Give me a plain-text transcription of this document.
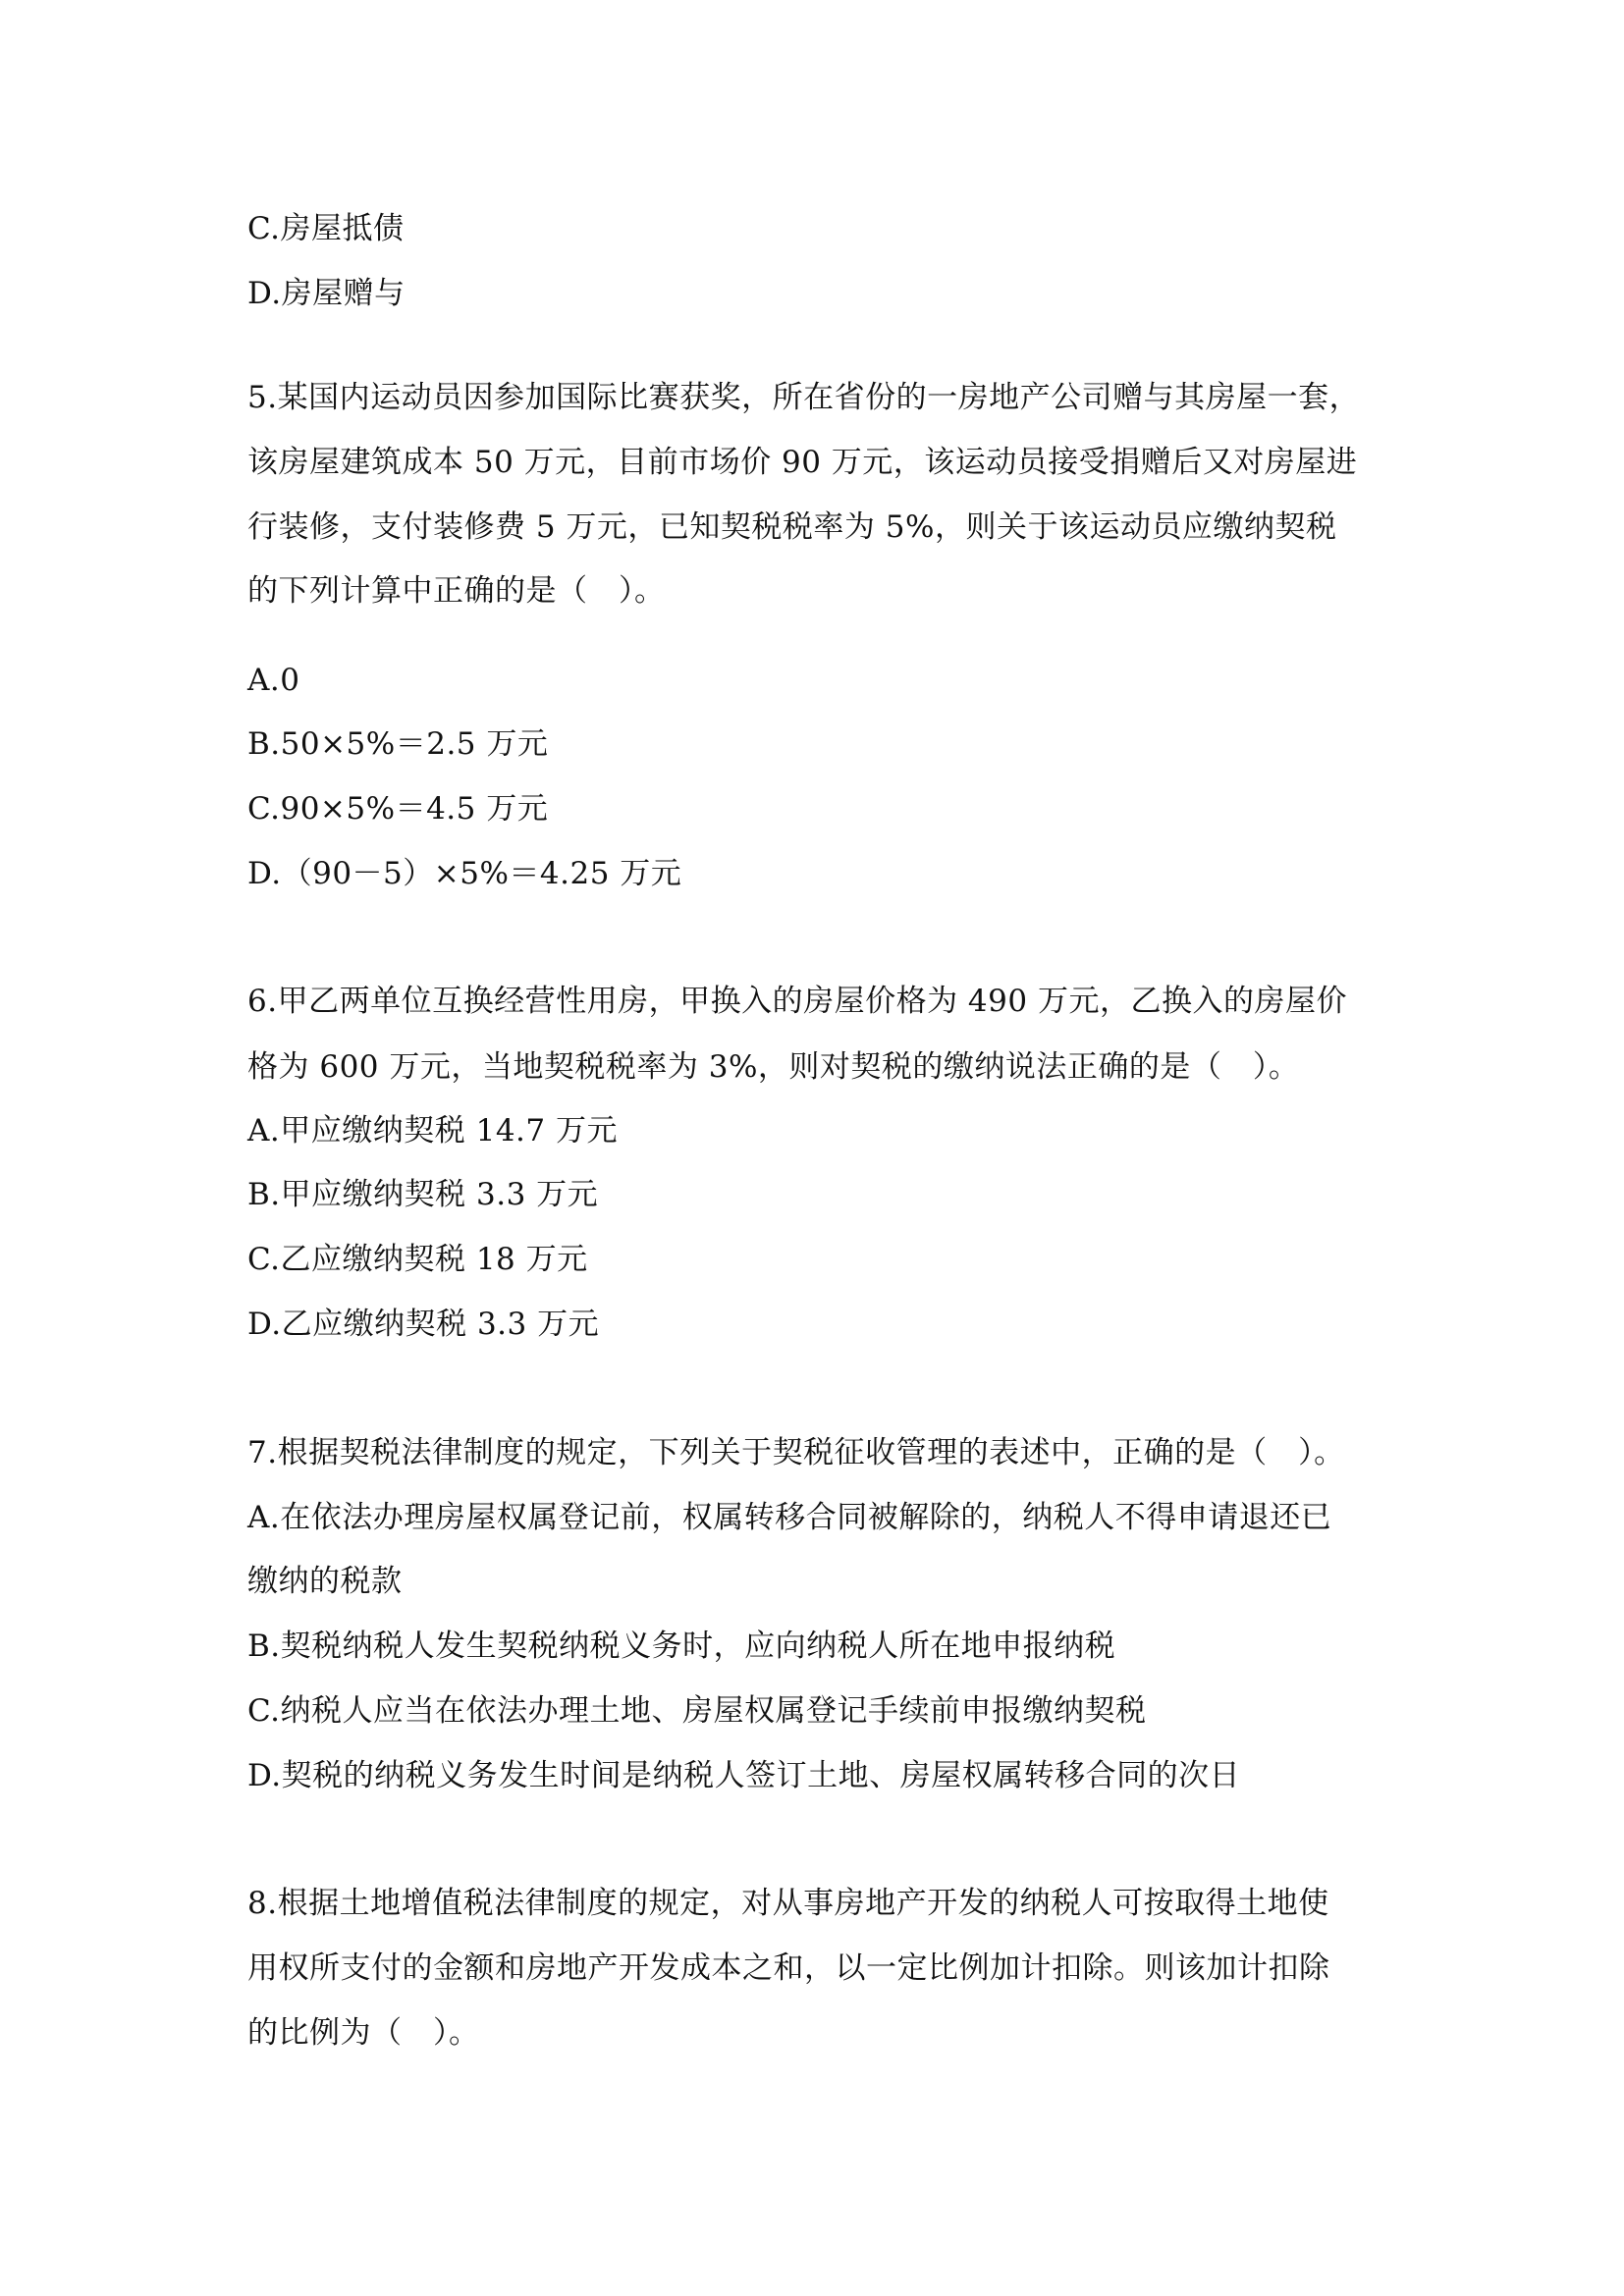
C.房屋抵债
D.房屋赠与
5.某国内运动员因参加国际比赛获奖，所在省份的一房地产公司赠与其房屋一套，
该房屋建筑成本 50 万元，目前市场价 90 万元，该运动员接受捐赠后又对房屋进
行装修，支付装修费 5 万元，已知契税税率为 5%，则关于该运动员应缴纳契税
的下列计算中正确的是（　）。
A.0
B.50×5%＝2.5 万元
C.90×5%＝4.5 万元
D.（90－5）×5%＝4.25 万元
6.甲乙两单位互换经营性用房，甲换入的房屋价格为 490 万元，乙换入的房屋价
格为 600 万元，当地契税税率为 3%，则对契税的缴纳说法正确的是（　）。
A.甲应缴纳契税 14.7 万元
B.甲应缴纳契税 3.3 万元
C.乙应缴纳契税 18 万元
D.乙应缴纳契税 3.3 万元
7.根据契税法律制度的规定，下列关于契税征收管理的表述中，正确的是（　）。
A.在依法办理房屋权属登记前，权属转移合同被解除的，纳税人不得申请退还已
缴纳的税款
B.契税纳税人发生契税纳税义务时，应向纳税人所在地申报纳税
C.纳税人应当在依法办理土地、房屋权属登记手续前申报缴纳契税
D.契税的纳税义务发生时间是纳税人签订土地、房屋权属转移合同的次日
8.根据土地增值税法律制度的规定，对从事房地产开发的纳税人可按取得土地使
用权所支付的金额和房地产开发成本之和，以一定比例加计扣除。则该加计扣除
的比例为（　）。
